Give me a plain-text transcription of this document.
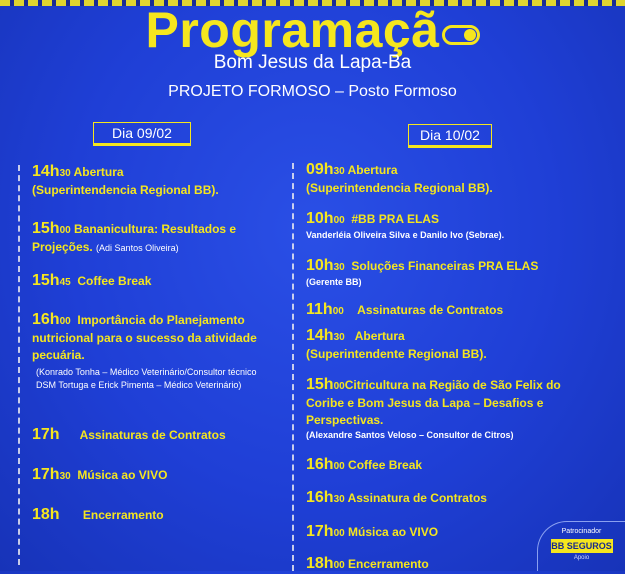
Programaçã
Bom Jesus da Lapa-Ba
PROJETO FORMOSO – Posto Formoso
Dia 09/02	Dia 10/02
14h30 Abertura
(Superintendencia Regional BB).
15h00 Bananicultura: Resultados e
Projeções. (Adi Santos Oliveira)
15h45 Coffee Break
16h00 Importância do Planejamento
nutricional para o sucesso da atividade
pecuária.
(Konrado Tonha – Médico Veterinário/Consultor técnico DSM Tortuga e Erick Pimenta – Médico Veterinário)
17h Assinaturas de Contratos
17h30 Música ao VIVO
18h Encerramento
09h30 Abertura
(Superintendencia Regional BB).
10h00 #BB PRA ELAS
Vanderléia Oliveira Silva e Danilo Ivo (Sebrae).
10h30 Soluções Financeiras PRA ELAS
(Gerente BB)
11h00 Assinaturas de Contratos
14h30 Abertura
(Superintendente Regional BB).
15h00Citricultura na Região de São Felix do
Coribe e Bom Jesus da Lapa – Desafios e
Perspectivas.
(Alexandre Santos Veloso – Consultor de Citros)
16h00 Coffee Break
16h30 Assinatura de Contratos
17h00 Música ao VIVO
18h00 Encerramento
Patrocinador
BB SEGUROS
Apoio
